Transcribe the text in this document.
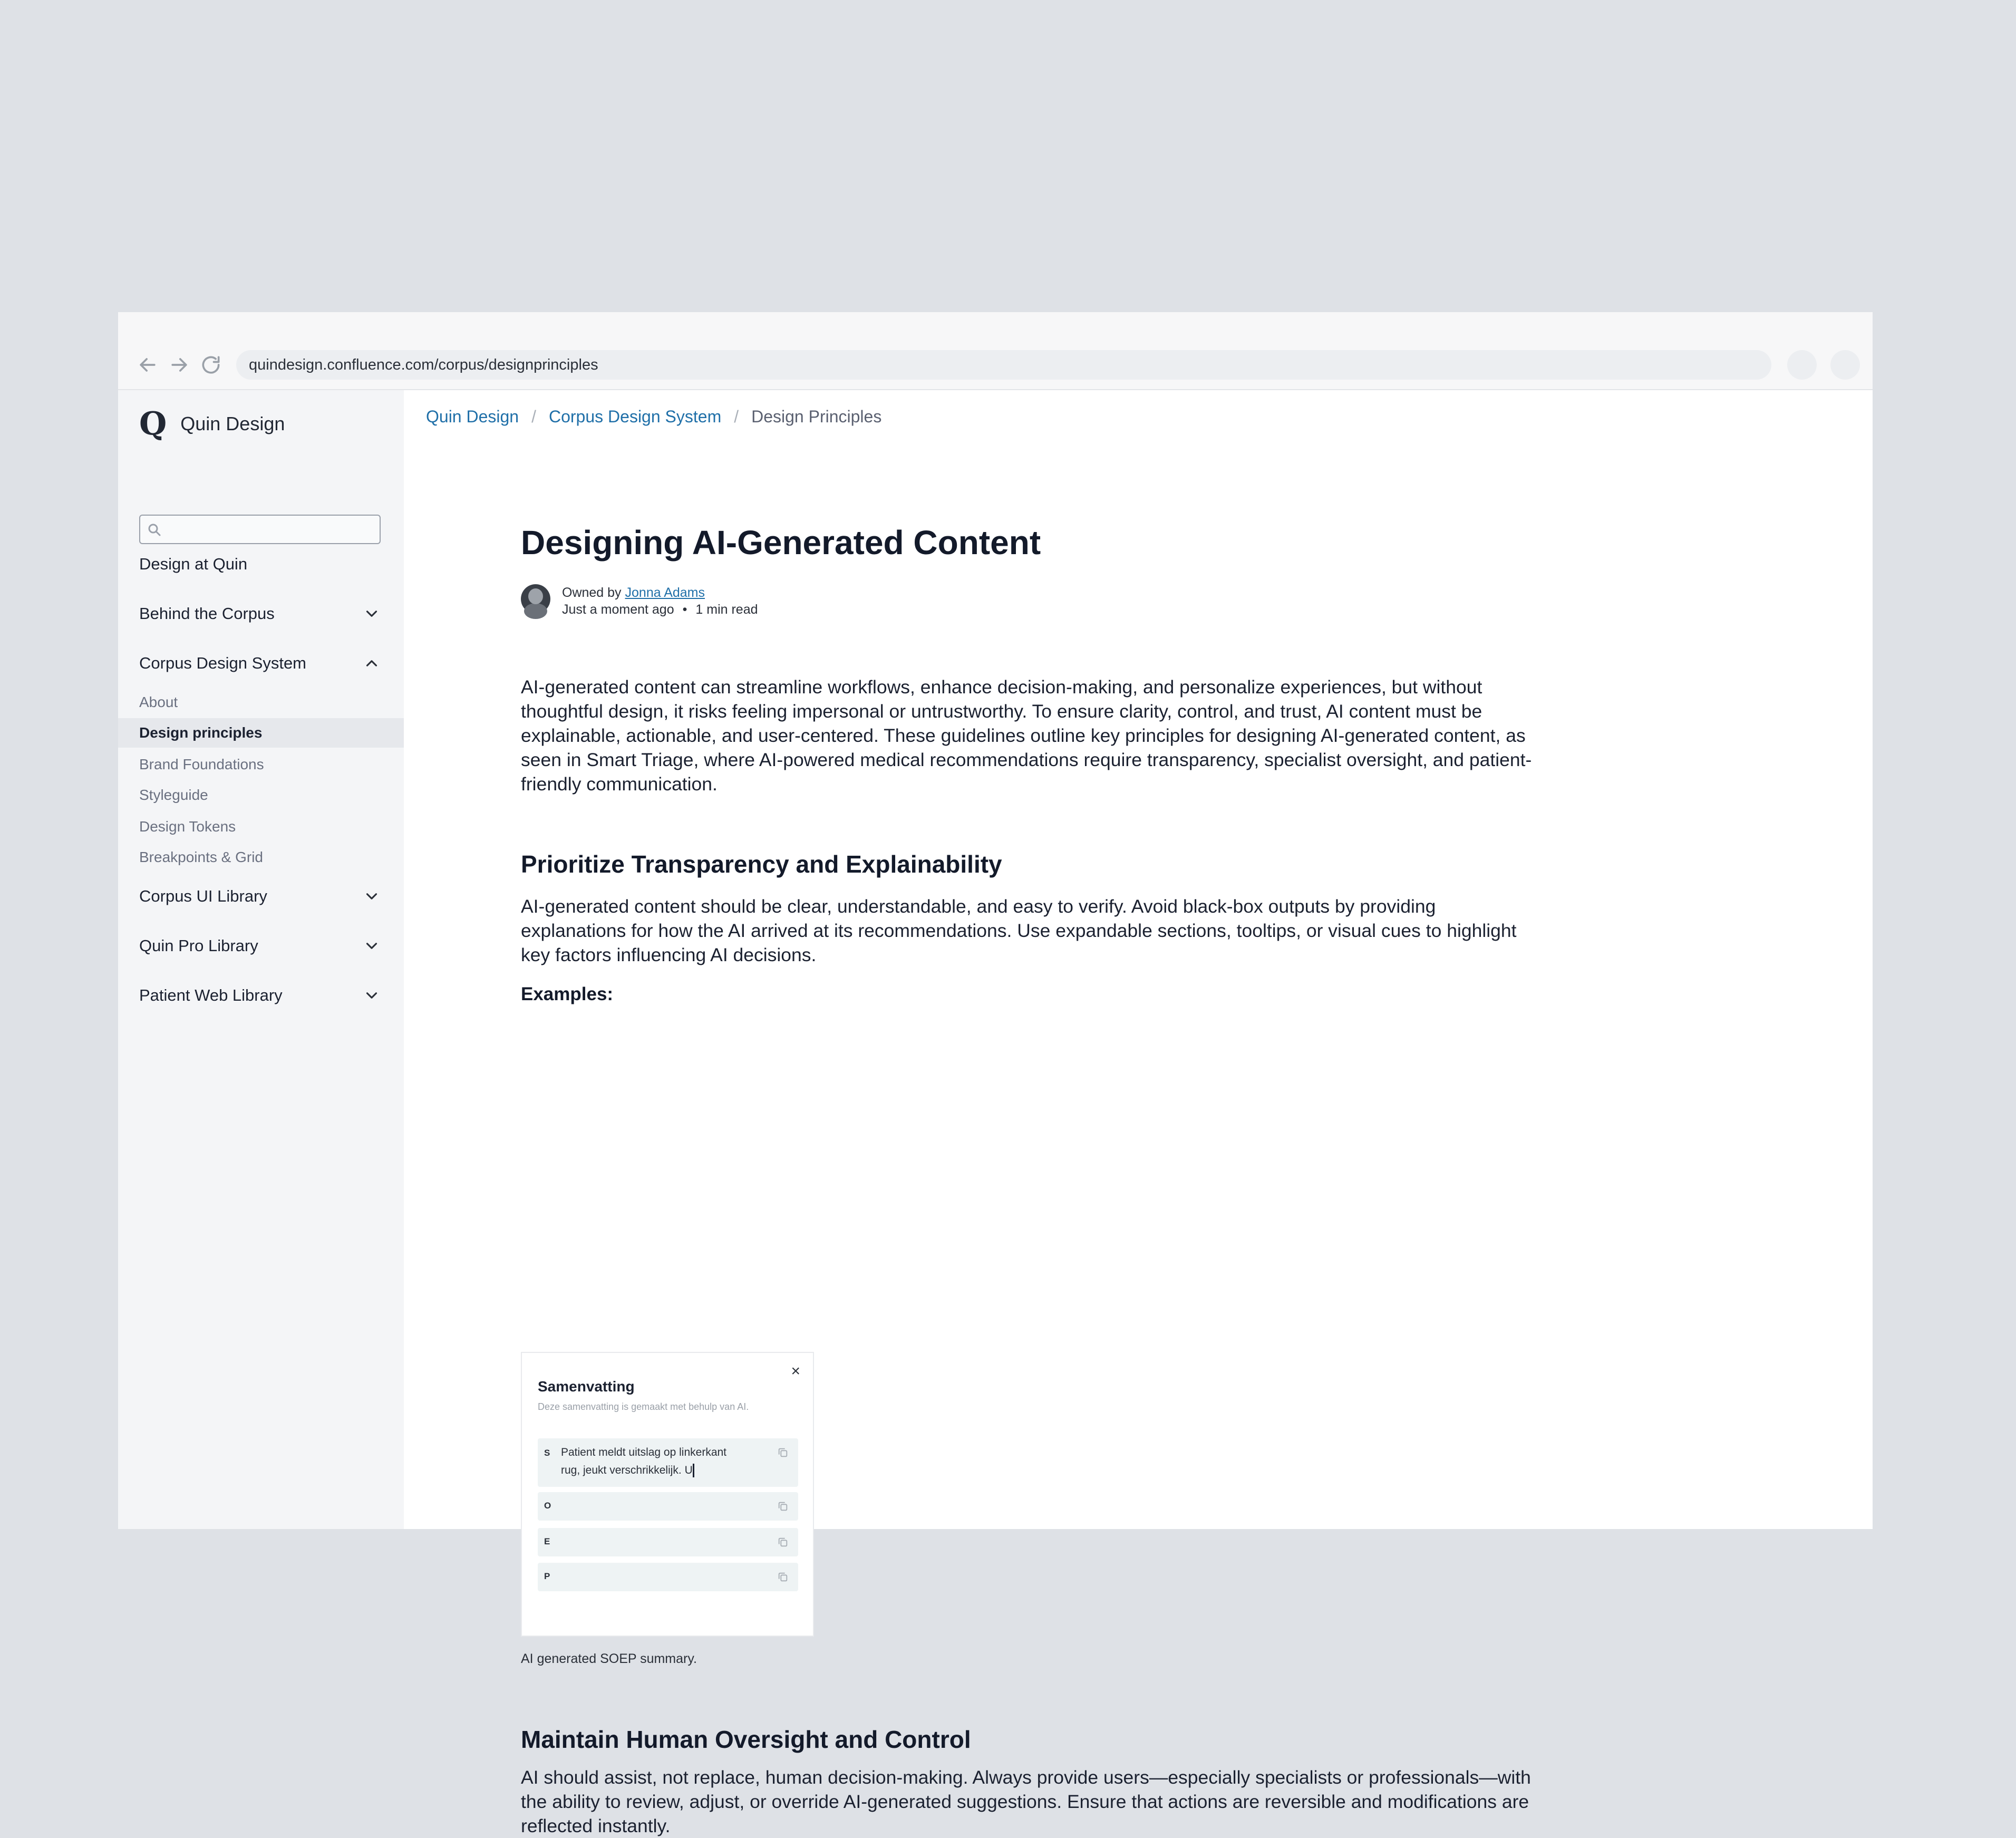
quindesign.confluence.com/corpus/designprinciples
Q Quin Design
Design at Quin
Behind the Corpus
Corpus Design System
About
Design principles
Brand Foundations
Styleguide
Design Tokens
Breakpoints & Grid
Corpus UI Library
Quin Pro Library
Patient Web Library
Quin Design / Corpus Design System / Design Principles
Designing AI-Generated Content
Owned by Jonna Adams
Just a moment ago • 1 min read

AI-generated content can streamline workflows, enhance decision-making, and personalize experiences, but without

thoughtful design, it risks feeling impersonal or untrustworthy. To ensure clarity, control, and trust, AI content must be

explainable, actionable, and user-centered. These guidelines outline key principles for designing AI-generated content, as

seen in Smart Triage, where AI-powered medical recommendations require transparency, specialist oversight, and patient-

friendly communication.

Prioritize Transparency and Explainability

AI-generated content should be clear, understandable, and easy to verify. Avoid black-box outputs by providing

explanations for how the AI arrived at its recommendations. Use expandable sections, tooltips, or visual cues to highlight

key factors influencing AI decisions.

Examples:
×
Samenvatting
Deze samenvatting is gemaakt met behulp van AI.
S Patient meldt uitslag op linkerkant
rug, jeukt verschrikkelijk. U
O
E
P
AI generated SOEP summary.
Maintain Human Oversight and Control

AI should assist, not replace, human decision-making. Always provide users—especially specialists or professionals—with

the ability to review, adjust, or override AI-generated suggestions. Ensure that actions are reversible and modifications are

reflected instantly.
